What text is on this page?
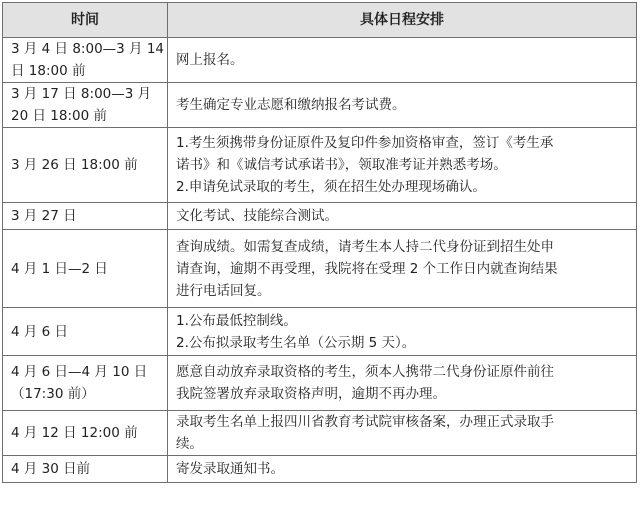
时间	具体日程安排

3 月 4 日 8:00—3 月 14
日 18:00 前	网上报名。

3 月 17 日 8:00—3 月
20 日 18:00 前	考生确定专业志愿和缴纳报名考试费。

3 月 26 日 18:00 前	1.考生须携带身份证原件及复印件参加资格审查，签订《考生承
诺书》和《诚信考试承诺书》，领取准考证并熟悉考场。
2.申请免试录取的考生，须在招生处办理现场确认。

3 月 27 日	文化考试、技能综合测试。

4 月 1 日—2 日	查询成绩。如需复查成绩，请考生本人持二代身份证到招生处申
请查询，逾期不再受理，我院将在受理 2 个工作日内就查询结果
进行电话回复。

4 月 6 日	1.公布最低控制线。
2.公布拟录取考生名单（公示期 5 天）。

4 月 6 日—4 月 10 日
（17:30 前）	愿意自动放弃录取资格的考生，须本人携带二代身份证原件前往
我院签署放弃录取资格声明，逾期不再办理。

4 月 12 日 12:00 前	录取考生名单上报四川省教育考试院审核备案，办理正式录取手
续。

4 月 30 日前	寄发录取通知书。
